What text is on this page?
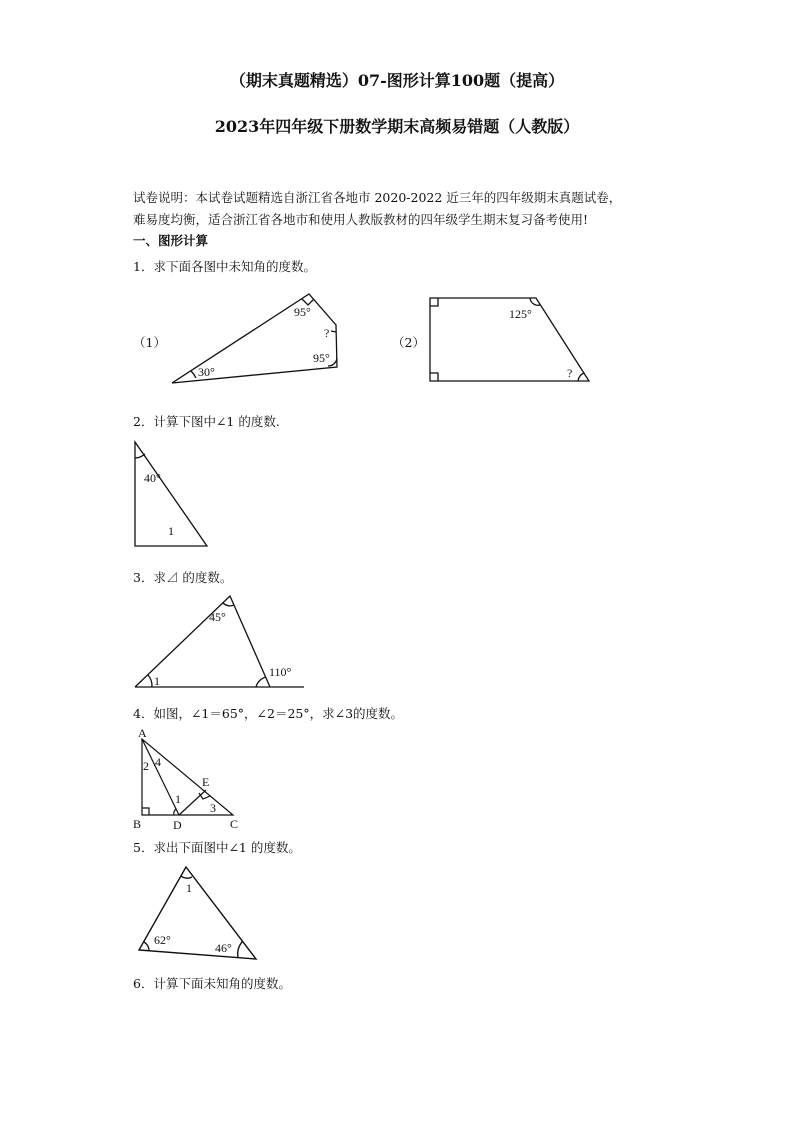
（期末真题精选）07-图形计算100题（提高）
2023年四年级下册数学期末高频易错题（人教版）
试卷说明：本试卷试题精选自浙江省各地市 2020-2022 近三年的四年级期末真题试卷，
难易度均衡，适合浙江省各地市和使用人教版教材的四年级学生期末复习备考使用!
一、图形计算
1．求下面各图中未知角的度数。
（1）	（2）
30°
95°
?
95°
125°
?
2．计算下图中∠1 的度数.
40°
1
3．求⊿ 的度数。
45°
1
110°
4．如图，∠1＝65°，∠2＝25°，求∠3的度数。
A
B	D	C
E
2 4
1
3
5．求出下面图中∠1 的度数。
1
62°
46°
6．计算下面未知角的度数。
